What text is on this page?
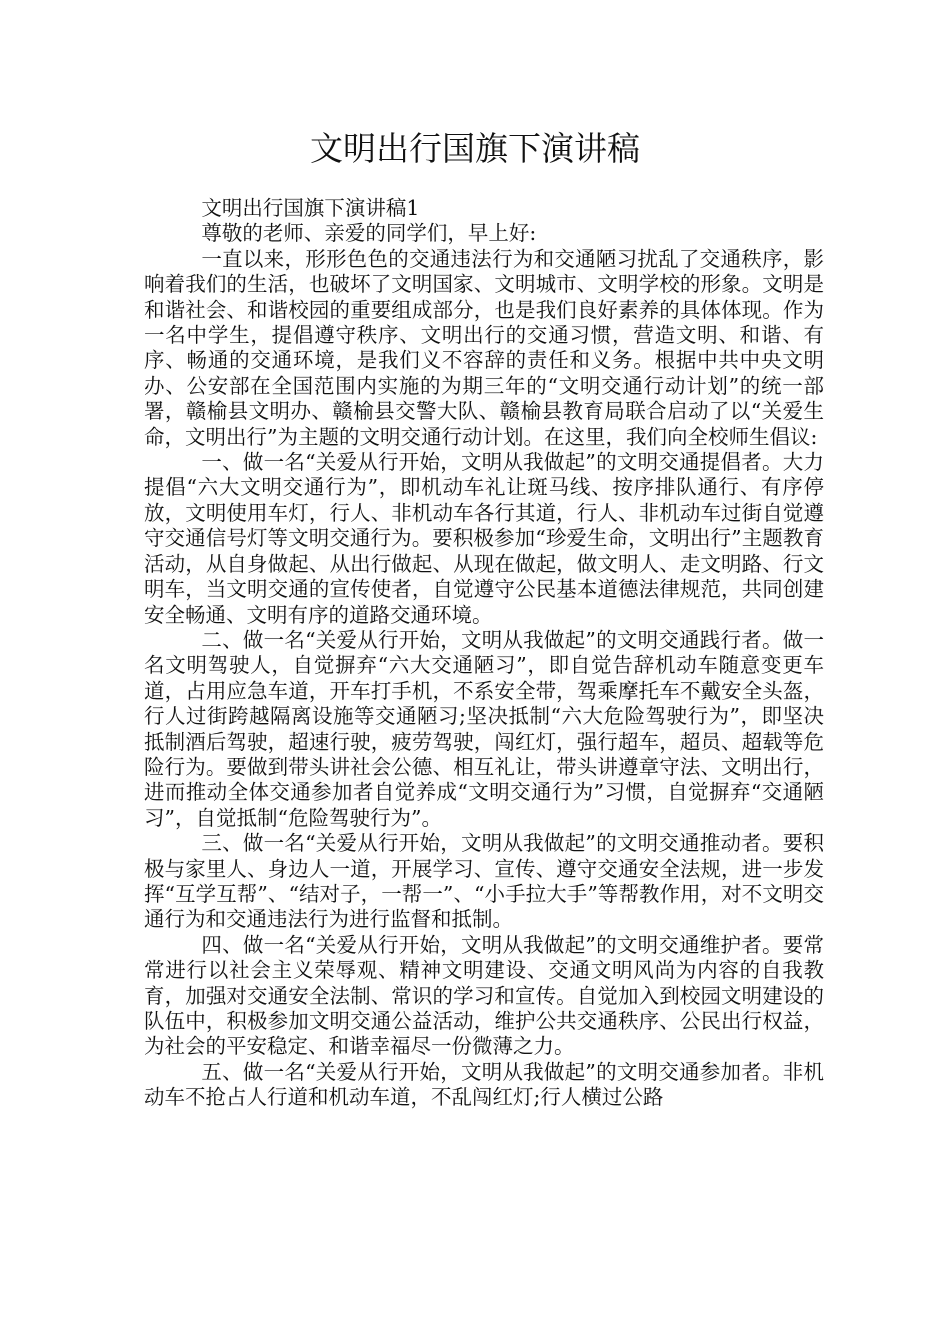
文明出行国旗下演讲稿

文明出行国旗下演讲稿1

尊敬的老师、亲爱的同学们，早上好:

一直以来，形形色色的交通违法行为和交通陋习扰乱了交通秩序，影响着我们的生活，也破坏了文明国家、文明城市、文明学校的形象。文明是和谐社会、和谐校园的重要组成部分，也是我们良好素养的具体体现。作为一名中学生，提倡遵守秩序、文明出行的交通习惯，营造文明、和谐、有序、畅通的交通环境，是我们义不容辞的责任和义务。根据中共中央文明办、公安部在全国范围内实施的为期三年的“文明交通行动计划”的统一部署，赣榆县文明办、赣榆县交警大队、赣榆县教育局联合启动了以“关爱生命，文明出行”为主题的文明交通行动计划。在这里，我们向全校师生倡议:

一、做一名“关爱从行开始，文明从我做起”的文明交通提倡者。大力提倡“六大文明交通行为”，即机动车礼让斑马线、按序排队通行、有序停放，文明使用车灯，行人、非机动车各行其道，行人、非机动车过街自觉遵守交通信号灯等文明交通行为。要积极参加“珍爱生命，文明出行”主题教育活动，从自身做起、从出行做起、从现在做起，做文明人、走文明路、行文明车，当文明交通的宣传使者，自觉遵守公民基本道德法律规范，共同创建安全畅通、文明有序的道路交通环境。

二、做一名“关爱从行开始，文明从我做起”的文明交通践行者。做一名文明驾驶人，自觉摒弃“六大交通陋习”，即自觉告辞机动车随意变更车道，占用应急车道，开车打手机，不系安全带，驾乘摩托车不戴安全头盔，行人过街跨越隔离设施等交通陋习;坚决抵制“六大危险驾驶行为”，即坚决抵制酒后驾驶，超速行驶，疲劳驾驶，闯红灯，强行超车，超员、超载等危险行为。要做到带头讲社会公德、相互礼让，带头讲遵章守法、文明出行，进而推动全体交通参加者自觉养成“文明交通行为”习惯，自觉摒弃“交通陋习”，自觉抵制“危险驾驶行为”。

三、做一名“关爱从行开始，文明从我做起”的文明交通推动者。要积极与家里人、身边人一道，开展学习、宣传、遵守交通安全法规，进一步发挥“互学互帮”、“结对子，一帮一”、“小手拉大手”等帮教作用，对不文明交通行为和交通违法行为进行监督和抵制。

四、做一名“关爱从行开始，文明从我做起”的文明交通维护者。要常常进行以社会主义荣辱观、精神文明建设、交通文明风尚为内容的自我教育，加强对交通安全法制、常识的学习和宣传。自觉加入到校园文明建设的队伍中，积极参加文明交通公益活动，维护公共交通秩序、公民出行权益，为社会的平安稳定、和谐幸福尽一份微薄之力。

五、做一名“关爱从行开始，文明从我做起”的文明交通参加者。非机动车不抢占人行道和机动车道，不乱闯红灯;行人横过公路
